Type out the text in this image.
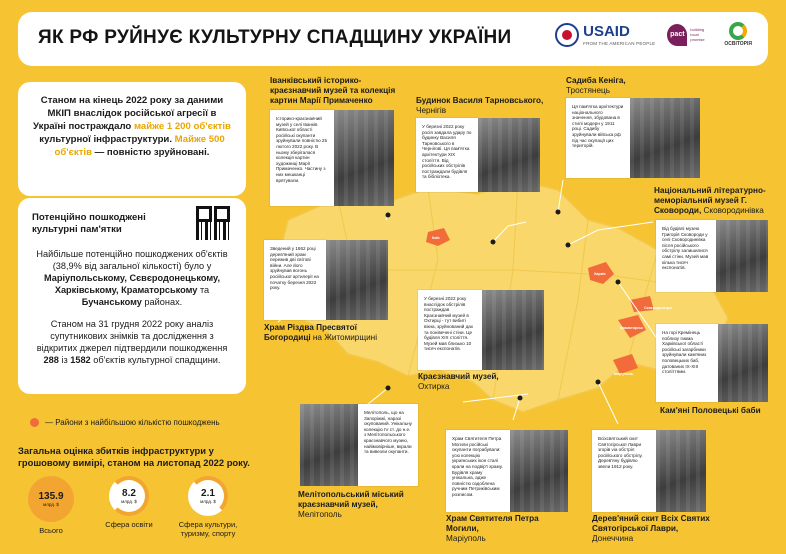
ЯК РФ РУЙНУЄ КУЛЬТУРНУ СПАДЩИНУ УКРАЇНИ	USAID
FROM THE AMERICAN PEOPLE
pact
building local promise
ОСВІТОРІЯ
Станом на кінець 2022 року за даними МКІП внаслідок російської агресії в Україні постраждало майже 1 200 об'єктів культурної інфраструктури. Майже 500 об'єктів — повністю зруйновані.
Потенційно пошкоджені культурні пам'ятки

Найбільше потенційно пошкоджених об'єктів (38,9% від загальної кількості) було у Маріупольському, Сєвєродонецькому, Харківському, Краматорському та Бучанському районах.

Станом на 31 грудня 2022 року аналіз супутникових знімків та дослідження з відкритих джерел підтвердили пошкодження 288 із 1582 об'єктів культурної спадщини.

— Райони з найбільшою кількістю пошкоджень
Загальна оцінка збитків інфраструктури у грошовому вимірі, станом на листопад 2022 року.
135.9
млрд. $
Всього
8.2
млрд. $
Сфера освіти
2.1
млрд. $
Сфера культури, туризму, спорту
Київ
Харків
Сєвєродонецьк
Краматорськ
Маріуполь
Іванківський історико-краєзнавчий музей та колекція картин Марії Примаченко
Історико-краєзнавчий музей у селі Іванків Київської області російські окупанти зруйнували повністю 25 лютого 2022 року. В ньому зберігалася колекція картин художниці Марії Примаченко. Частину з них мешканці врятували.
Будинок Василя Тарновського,
Чернігів
У березні 2022 року росія завдала удару по будинку Василя Тарновського в Чернігові. Ця пам'ятка архітектури XIX століття. Від російських обстрілів постраждали будівля та бібліотека.
Садиба Кеніга,
Тростянець
Ця пам'ятка архітектури національного значення, збудована в стилі модерн у 1911 році. Садибу зруйнували війська рф під час окупації цих територій.
Національний літературно-меморіальний музей Г. Сковороди, Сковородинівка
Від будівлі музею Григорія Сковороди у селі Сковородинівка після російського обстрілу залишилися самі стіни. Музей мав кілька тисяч експонатів.
Зведений у 1862 році дерев'яний храм пережив дві світові війни. Але його зруйнував вогонь російської артилерії на початку березня 2022 року.
Храм Різдва Пресвятої Богородиці на Житомирщині
У березні 2022 року внаслідок обстрілів постраждав Краєзнавчий музей в Охтирці - тут вибиті вікна, зруйнований дах та понівечені стіни. Це будівля XIX століття. Музей мав близько 10 тисяч експонатів.
Краєзнавчий музей,
Охтирка
На горі Кремінець поблизу Ізюма Харківської області російські загарбники зруйнували кам'яних половецьких баб, датованих IX-XIII століттями.
Кам'яні Половецькі баби
Мелітополь, що на Запоріжжі, наразі окупований. Унікальну колекцію IV ст. до н.е. з Мелітопольського краєзнавчого музею, найімовірніше, вкрали та вивезли окупанти.
Мелітопольський міський краєзнавчий музей,
Мелітополь
Храм Святителя Петра Могили російські окупанти пограбували: усю колекцію українських ікон сталі крали на подвір'ї храму. Будівля храму унікальна, адже повністю оздоблена ручним Петриківським розписом.
Храм Святителя Петра Могили,
Маріуполь
Всіхсвятський скит Святогірської Лаври згорів via обстріл російського обстрілу. Дерев'яну будівлю звели 1912 року.
Дерев'яний скит Всіх Святих Святогірської Лаври,
Донеччина
